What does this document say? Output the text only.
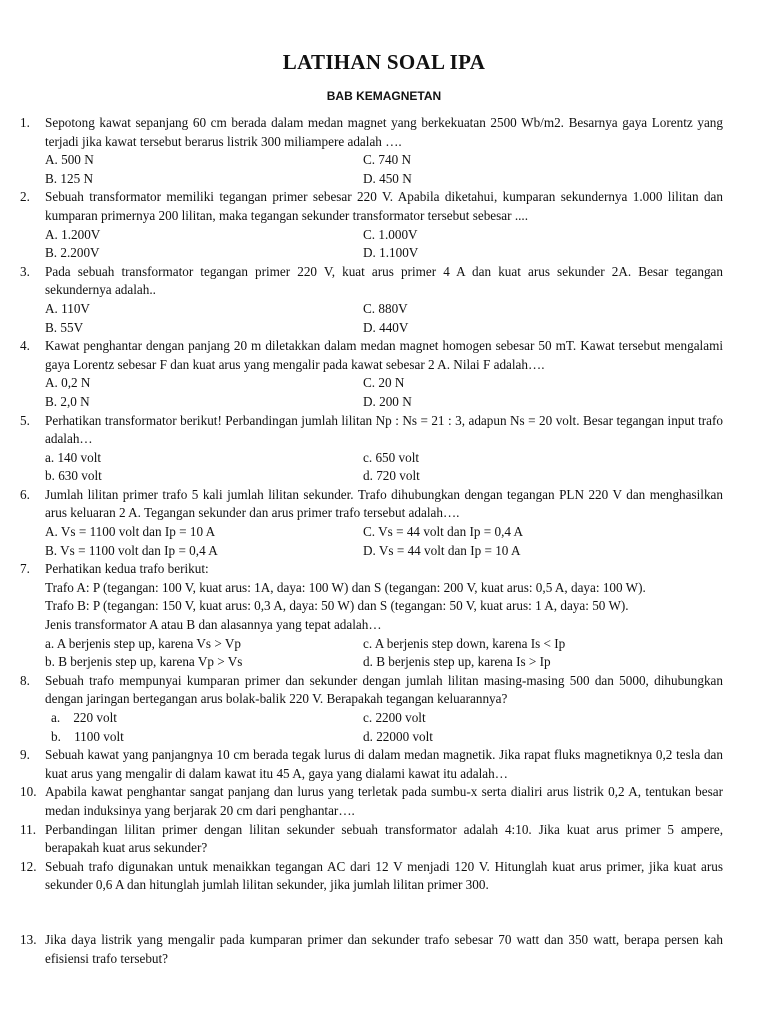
LATIHAN SOAL IPA
BAB KEMAGNETAN
1. Sepotong kawat sepanjang 60 cm berada dalam medan magnet yang berkekuatan 2500 Wb/m2. Besarnya gaya Lorentz yang terjadi jika kawat tersebut berarus listrik 300 miliampere adalah ….
A. 500 N	C. 740 N
B. 125 N	D. 450 N
2. Sebuah transformator memiliki tegangan primer sebesar 220 V. Apabila diketahui, kumparan sekundernya 1.000 lilitan dan kumparan primernya 200 lilitan, maka tegangan sekunder transformator tersebut sebesar ....
A. 1.200V	C. 1.000V
B. 2.200V	D. 1.100V
3. Pada sebuah transformator tegangan primer 220 V, kuat arus primer 4 A dan kuat arus sekunder 2A. Besar tegangan sekundernya adalah..
A. 110V	C. 880V
B. 55V	D. 440V
4. Kawat penghantar dengan panjang 20 m diletakkan dalam medan magnet homogen sebesar 50 mT. Kawat tersebut mengalami gaya Lorentz sebesar F dan kuat arus yang mengalir pada kawat sebesar 2 A. Nilai F adalah….
A. 0,2 N	C. 20 N
B. 2,0 N	D. 200 N
5. Perhatikan transformator berikut! Perbandingan jumlah lilitan Np : Ns = 21 : 3, adapun Ns = 20 volt. Besar tegangan input trafo adalah…
a. 140 volt	c. 650 volt
b. 630 volt	d. 720 volt
6. Jumlah lilitan primer trafo 5 kali jumlah lilitan sekunder. Trafo dihubungkan dengan tegangan PLN 220 V dan menghasilkan arus keluaran 2 A. Tegangan sekunder dan arus primer trafo tersebut adalah….
A. Vs = 1100 volt dan Ip = 10 A	C. Vs = 44 volt dan Ip = 0,4 A
B. Vs = 1100 volt dan Ip = 0,4 A	D. Vs = 44 volt dan Ip = 10 A
7. Perhatikan kedua trafo berikut:
Trafo A: P (tegangan: 100 V, kuat arus: 1A, daya: 100 W) dan S (tegangan: 200 V, kuat arus: 0,5 A, daya: 100 W).
Trafo B: P (tegangan: 150 V, kuat arus: 0,3 A, daya: 50 W) dan S (tegangan: 50 V, kuat arus: 1 A, daya: 50 W).
Jenis transformator A atau B dan alasannya yang tepat adalah…
a. A berjenis step up, karena Vs > Vp	c. A berjenis step down, karena Is < Ip
b. B berjenis step up, karena Vp > Vs	d. B berjenis step up, karena Is > Ip
8. Sebuah trafo mempunyai kumparan primer dan sekunder dengan jumlah lilitan masing-masing 500 dan 5000, dihubungkan dengan jaringan bertegangan arus bolak-balik 220 V. Berapakah tegangan keluarannya?
a.    220 volt	c. 2200 volt
b.    1100 volt	d. 22000 volt
9. Sebuah kawat yang panjangnya 10 cm berada tegak lurus di dalam medan magnetik. Jika rapat fluks magnetiknya 0,2 tesla dan kuat arus yang mengalir di dalam kawat itu 45 A, gaya yang dialami kawat itu adalah…
10. Apabila kawat penghantar sangat panjang dan lurus yang terletak pada sumbu-x serta dialiri arus listrik 0,2 A, tentukan besar medan induksinya yang berjarak 20 cm dari penghantar….
11. Perbandingan lilitan primer dengan lilitan sekunder sebuah transformator adalah 4:10. Jika kuat arus primer 5 ampere, berapakah kuat arus sekunder?
12. Sebuah trafo digunakan untuk menaikkan tegangan AC dari 12 V menjadi 120 V. Hitunglah kuat arus primer, jika kuat arus sekunder 0,6 A dan hitunglah jumlah lilitan sekunder, jika jumlah lilitan primer 300.
13. Jika daya listrik yang mengalir pada kumparan primer dan sekunder trafo sebesar 70 watt dan 350 watt, berapa persen kah efisiensi trafo tersebut?
